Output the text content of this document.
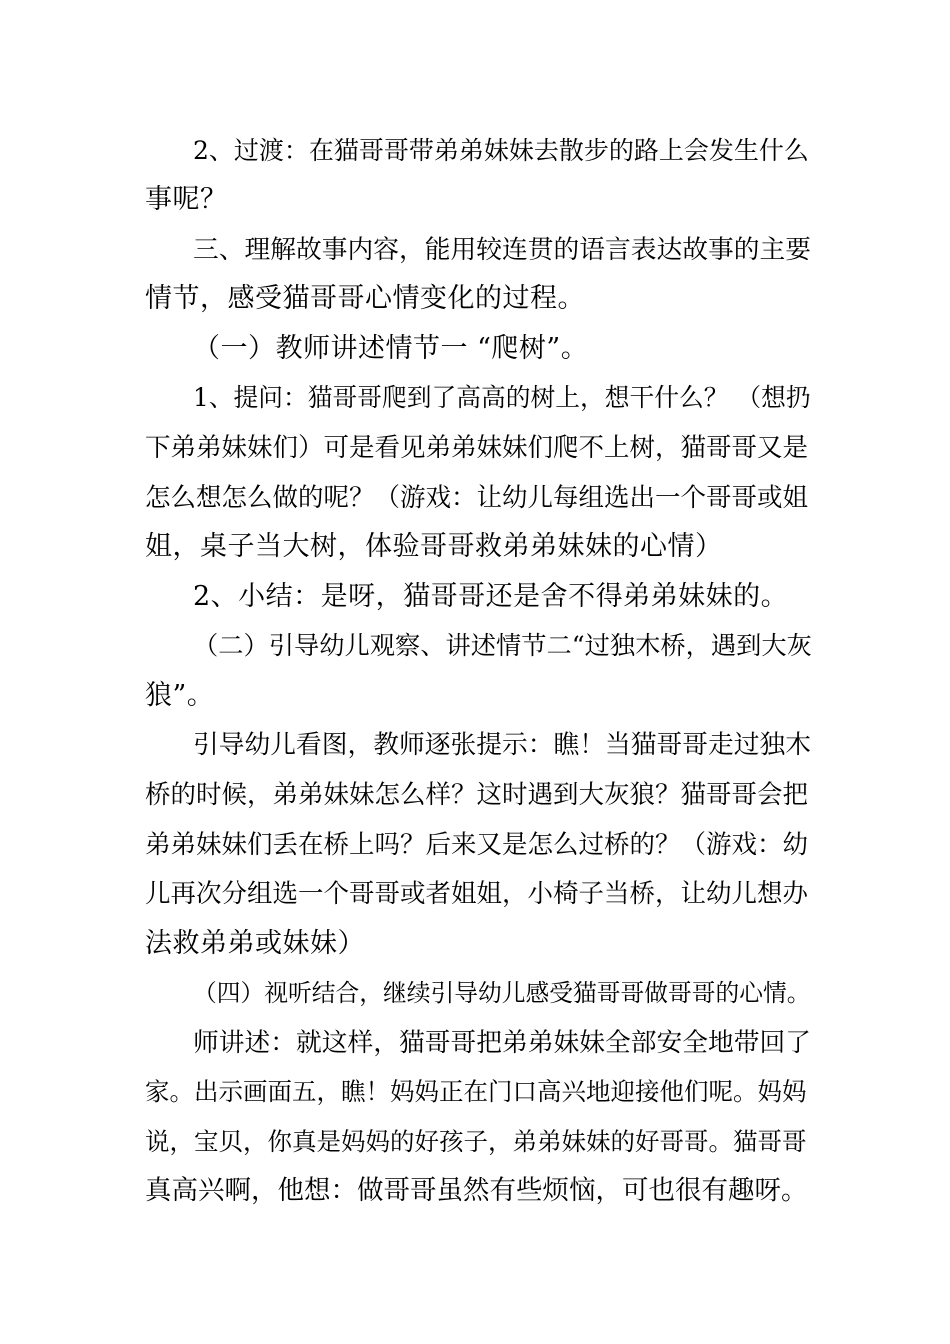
2、过渡：在猫哥哥带弟弟妹妹去散步的路上会发生什么
事呢？
三、理解故事内容，能用较连贯的语言表达故事的主要
情节，感受猫哥哥心情变化的过程。
（一）教师讲述情节一 “爬树”。
1、提问：猫哥哥爬到了高高的树上，想干什么？ （想扔
下弟弟妹妹们）可是看见弟弟妹妹们爬不上树，猫哥哥又是
怎么想怎么做的呢？（游戏：让幼儿每组选出一个哥哥或姐
姐，桌子当大树，体验哥哥救弟弟妹妹的心情）
2、小结：是呀，猫哥哥还是舍不得弟弟妹妹的。
（二）引导幼儿观察、讲述情节二“过独木桥，遇到大灰
狼”。
引导幼儿看图，教师逐张提示：瞧！当猫哥哥走过独木
桥的时候，弟弟妹妹怎么样？这时遇到大灰狼？猫哥哥会把
弟弟妹妹们丢在桥上吗？后来又是怎么过桥的？（游戏：幼
儿再次分组选一个哥哥或者姐姐，小椅子当桥，让幼儿想办
法救弟弟或妹妹）
（四）视听结合，继续引导幼儿感受猫哥哥做哥哥的心情。
师讲述：就这样，猫哥哥把弟弟妹妹全部安全地带回了
家。出示画面五，瞧！妈妈正在门口高兴地迎接他们呢。妈妈
说，宝贝，你真是妈妈的好孩子，弟弟妹妹的好哥哥。猫哥哥
真高兴啊，他想：做哥哥虽然有些烦恼，可也很有趣呀。
